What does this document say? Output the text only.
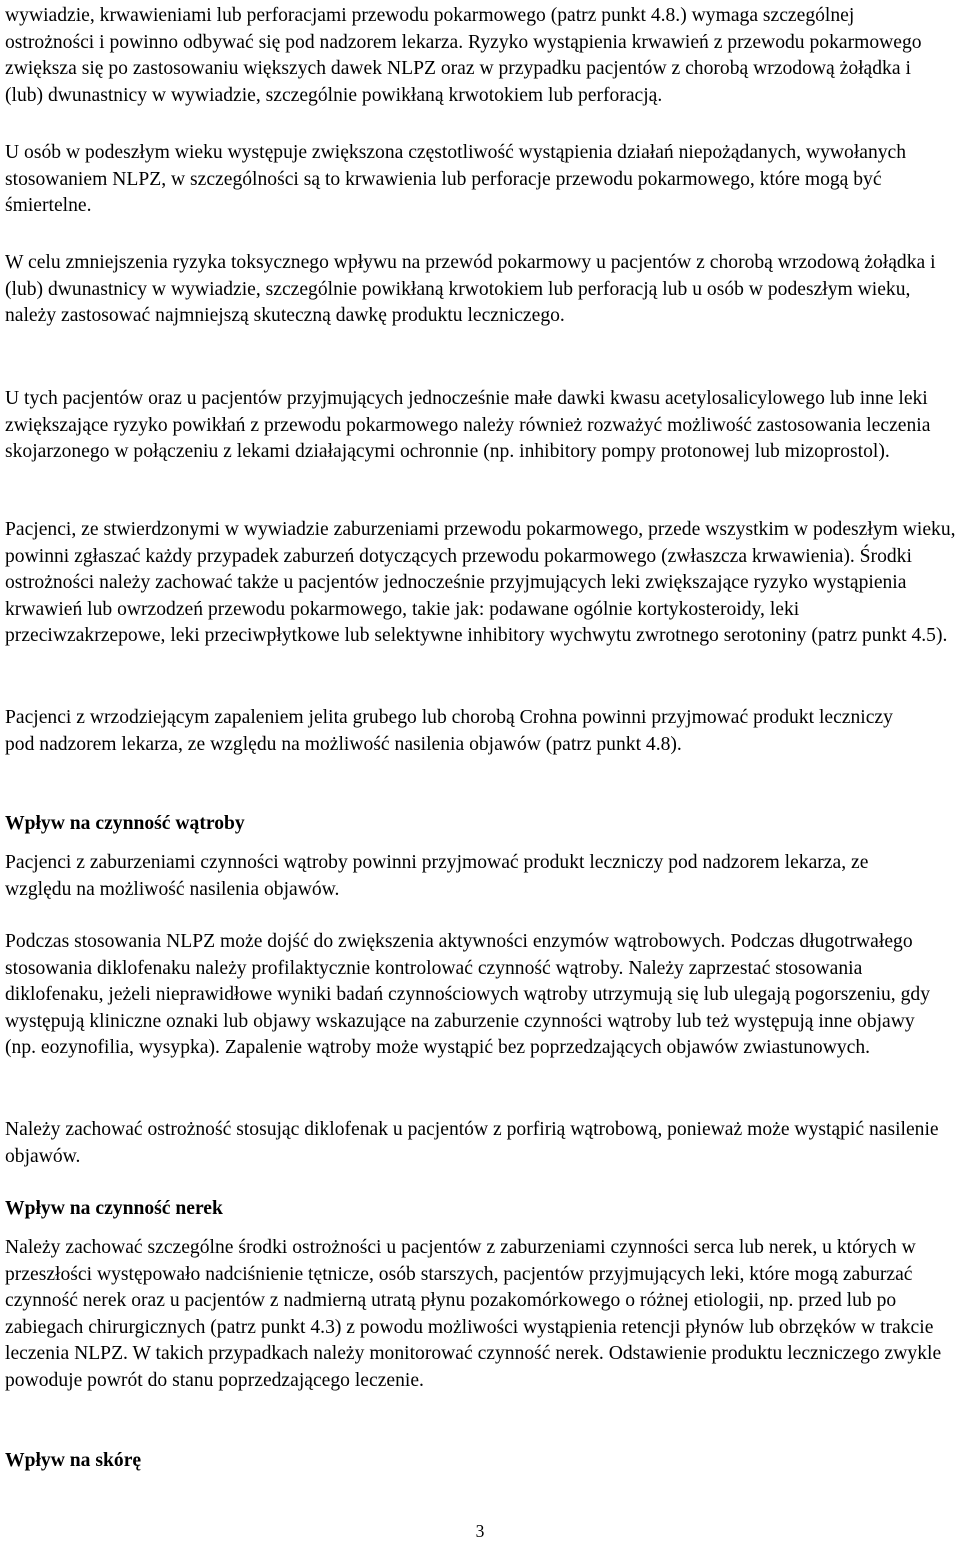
wywiadzie, krwawieniami lub perforacjami przewodu pokarmowego (patrz punkt 4.8.) wymaga szczególnej ostrożności i powinno odbywać się pod nadzorem lekarza. Ryzyko wystąpienia krwawień z przewodu pokarmowego zwiększa się po zastosowaniu większych dawek NLPZ oraz w przypadku pacjentów z chorobą wrzodową żołądka i (lub) dwunastnicy w wywiadzie, szczególnie powikłaną krwotokiem lub perforacją.

U osób w podeszłym wieku występuje zwiększona częstotliwość wystąpienia działań niepożądanych, wywołanych stosowaniem NLPZ, w szczególności są to krwawienia lub perforacje przewodu pokarmowego, które mogą być śmiertelne.

W celu zmniejszenia ryzyka toksycznego wpływu na przewód pokarmowy u pacjentów z chorobą wrzodową żołądka i (lub) dwunastnicy w wywiadzie, szczególnie powikłaną krwotokiem lub perforacją lub u osób w podeszłym wieku, należy zastosować najmniejszą skuteczną dawkę produktu leczniczego.

U tych pacjentów oraz u pacjentów przyjmujących jednocześnie małe dawki kwasu acetylosalicylowego lub inne leki zwiększające ryzyko powikłań z przewodu pokarmowego należy również rozważyć możliwość zastosowania leczenia skojarzonego w połączeniu z lekami działającymi ochronnie (np. inhibitory pompy protonowej lub mizoprostol).

Pacjenci, ze stwierdzonymi w wywiadzie zaburzeniami przewodu pokarmowego, przede wszystkim w podeszłym wieku, powinni zgłaszać każdy przypadek zaburzeń dotyczących przewodu pokarmowego (zwłaszcza krwawienia). Środki ostrożności należy zachować także u pacjentów jednocześnie przyjmujących leki zwiększające ryzyko wystąpienia krwawień lub owrzodzeń przewodu pokarmowego, takie jak: podawane ogólnie kortykosteroidy, leki przeciwzakrzepowe, leki przeciwpłytkowe lub selektywne inhibitory wychwytu zwrotnego serotoniny (patrz punkt 4.5).

Pacjenci z wrzodziejącym zapaleniem jelita grubego lub chorobą Crohna powinni przyjmować produkt leczniczy pod nadzorem lekarza, ze względu na możliwość nasilenia objawów (patrz punkt 4.8).

Wpływ na czynność wątroby

Pacjenci z zaburzeniami czynności wątroby powinni przyjmować produkt leczniczy pod nadzorem lekarza, ze względu na możliwość nasilenia objawów.

Podczas stosowania NLPZ może dojść do zwiększenia aktywności enzymów wątrobowych. Podczas długotrwałego stosowania diklofenaku należy profilaktycznie kontrolować czynność wątroby. Należy zaprzestać stosowania diklofenaku, jeżeli nieprawidłowe wyniki badań czynnościowych wątroby utrzymują się lub ulegają pogorszeniu, gdy występują kliniczne oznaki lub objawy wskazujące na zaburzenie czynności wątroby lub też występują inne objawy (np. eozynofilia, wysypka). Zapalenie wątroby może wystąpić bez poprzedzających objawów zwiastunowych.

Należy zachować ostrożność stosując diklofenak u pacjentów z porfirią wątrobową, ponieważ może wystąpić nasilenie objawów.

Wpływ na czynność nerek

Należy zachować szczególne środki ostrożności u pacjentów z zaburzeniami czynności serca lub nerek, u których w przeszłości występowało nadciśnienie tętnicze, osób starszych, pacjentów przyjmujących leki, które mogą zaburzać czynność nerek oraz u pacjentów z nadmierną utratą płynu pozakomórkowego o różnej etiologii, np. przed lub po zabiegach chirurgicznych (patrz punkt 4.3) z powodu możliwości wystąpienia retencji płynów lub obrzęków w trakcie leczenia NLPZ. W takich przypadkach należy monitorować czynność nerek. Odstawienie produktu leczniczego zwykle powoduje powrót do stanu poprzedzającego leczenie.

Wpływ na skórę
3
